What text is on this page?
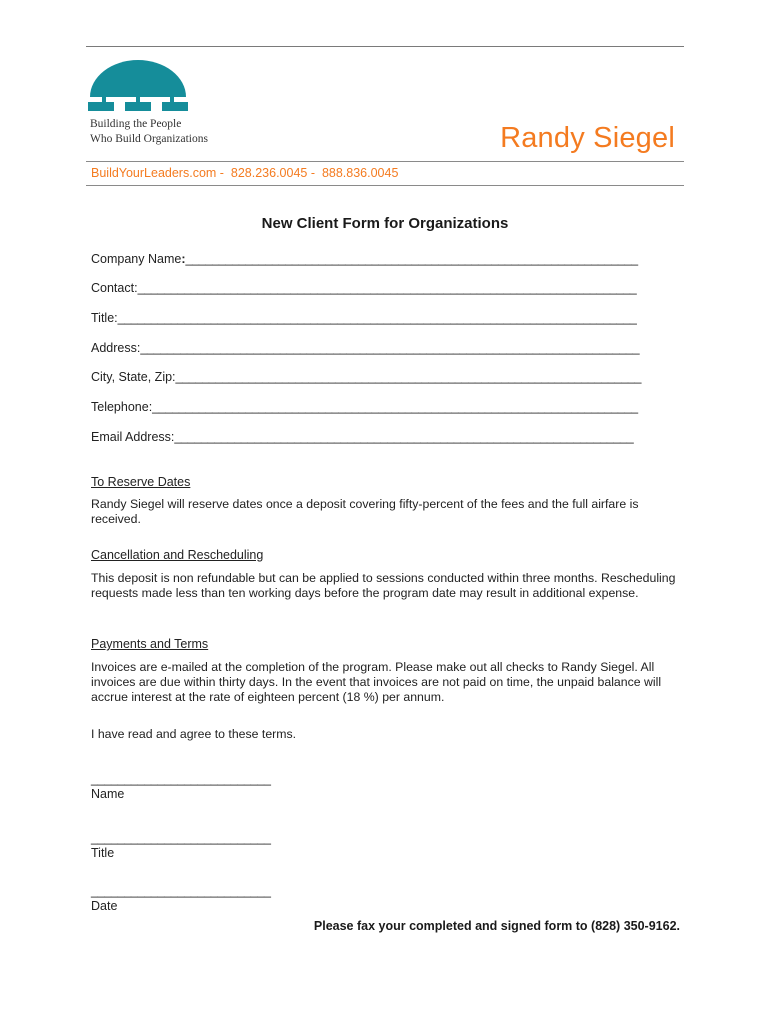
Building the People
Who Build Organizations	Randy Siegel
BuildYourLeaders.com -  828.236.0045 -  888.836.0045
New Client Form for Organizations
Company Name:____________________________________________________________________
Contact:___________________________________________________________________________
Title:______________________________________________________________________________
Address:___________________________________________________________________________
City, State, Zip:______________________________________________________________________
Telephone:_________________________________________________________________________
Email Address:_____________________________________________________________________
To Reserve Dates
Randy Siegel will reserve dates once a deposit covering fifty-percent of the fees and the full airfare is received.
Cancellation and Rescheduling
This deposit is non refundable but can be applied to sessions conducted within three months. Rescheduling requests made less than ten working days before the program date may result in additional expense.
Payments and Terms
Invoices are e-mailed at the completion of the program. Please make out all checks to Randy Siegel. All invoices are due within thirty days. In the event that invoices are not paid on time, the unpaid balance will accrue interest at the rate of eighteen percent (18 %) per annum.
I have read and agree to these terms.
___________________________
Name
___________________________
Title
___________________________
Date
Please fax your completed and signed form to (828) 350-9162.
